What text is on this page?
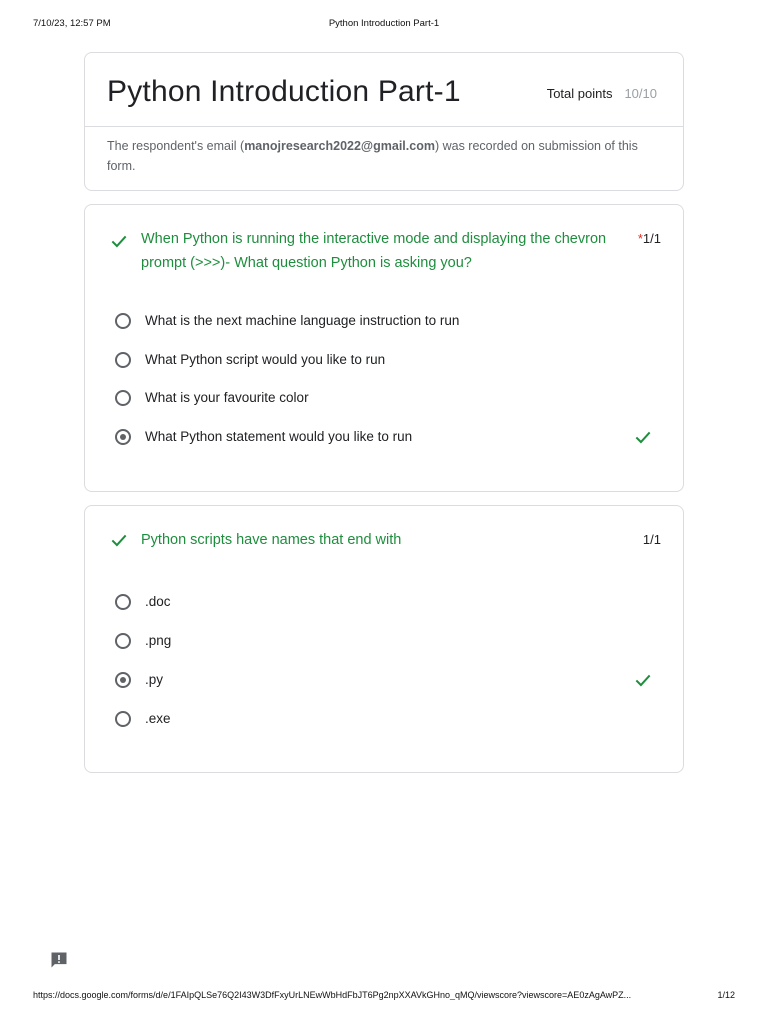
7/10/23, 12:57 PM	Python Introduction Part-1
Python Introduction Part-1	Total points 10/10
The respondent's email (manojresearch2022@gmail.com) was recorded on submission of this form.
When Python is running the interactive mode and displaying the chevron prompt (>>>)- What question Python is asking you?
*1/1
What is the next machine language instruction to run
What Python script would you like to run
What is your favourite color
What Python statement would you like to run
Python scripts have names that end with	1/1
.doc
.png
.py
.exe
https://docs.google.com/forms/d/e/1FAIpQLSe76Q2I43W3DfFxyUrLNEwWbHdFbJT6Pg2npXXAVkGHno_qMQ/viewscore?viewscore=AE0zAgAwPZ...	1/12
